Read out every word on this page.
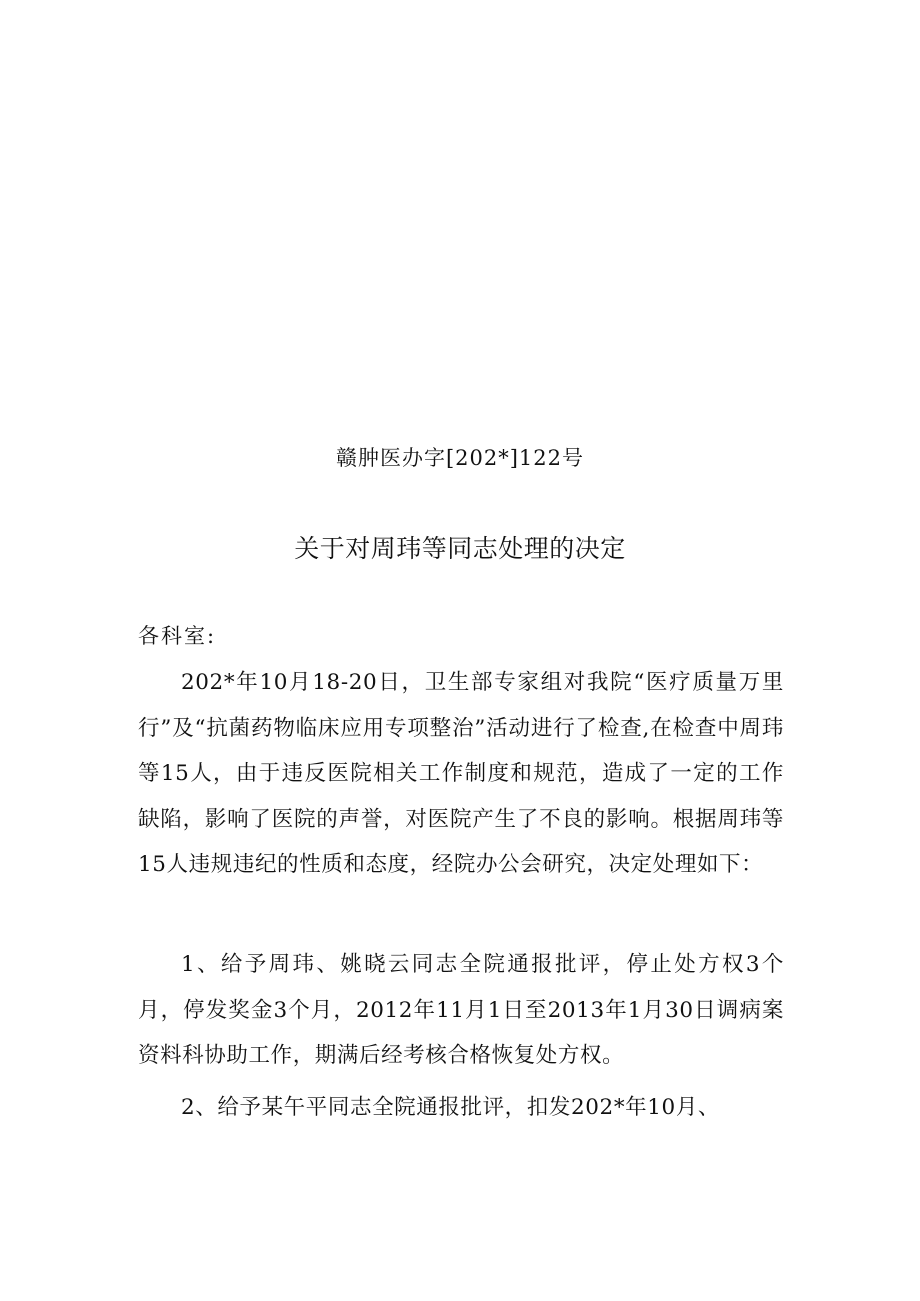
赣肿医办字[202*]122号
关于对周玮等同志处理的决定
各科室:

202*年10月18-20日，卫生部专家组对我院“医疗质量万里行”及“抗菌药物临床应用专项整治”活动进行了检查,在检查中周玮等15人，由于违反医院相关工作制度和规范，造成了一定的工作缺陷，影响了医院的声誉，对医院产生了不良的影响。根据周玮等15人违规违纪的性质和态度，经院办公会研究，决定处理如下：

1、给予周玮、姚晓云同志全院通报批评，停止处方权3个月，停发奖金3个月，2012年11月1日至2013年1月30日调病案资料科协助工作，期满后经考核合格恢复处方权。

2、给予某午平同志全院通报批评，扣发202*年10月、
